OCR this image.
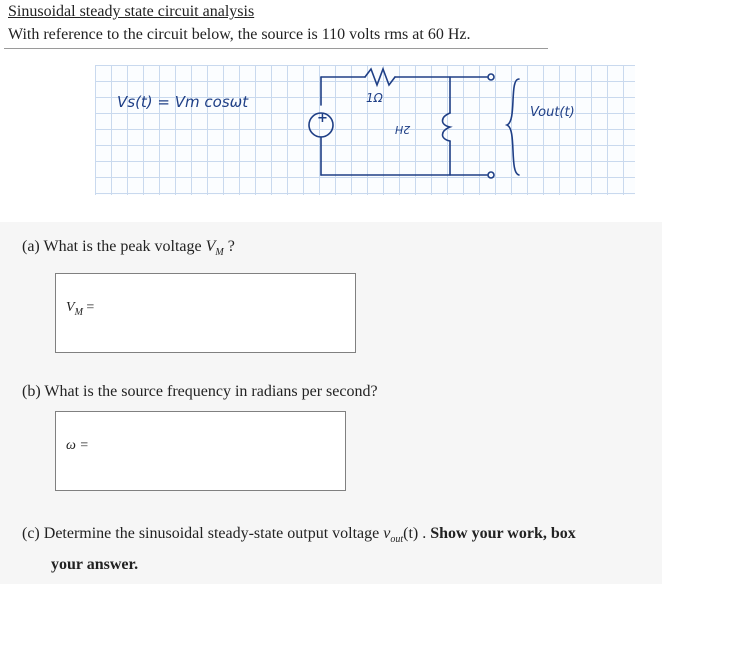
Sinusoidal steady state circuit analysis
With reference to the circuit below, the source is 110 volts rms at 60 Hz.
Vs(t) = Vm cosωt	1Ω
2H
Vout(t)
+
(a) What is the peak voltage $V_M$ ?
$V_M$ =
(b) What is the source frequency in radians per second?
ω =
(c) Determine the sinusoidal steady-state output voltage $v_{out}(t)$ . Show your work, box
your answer.
